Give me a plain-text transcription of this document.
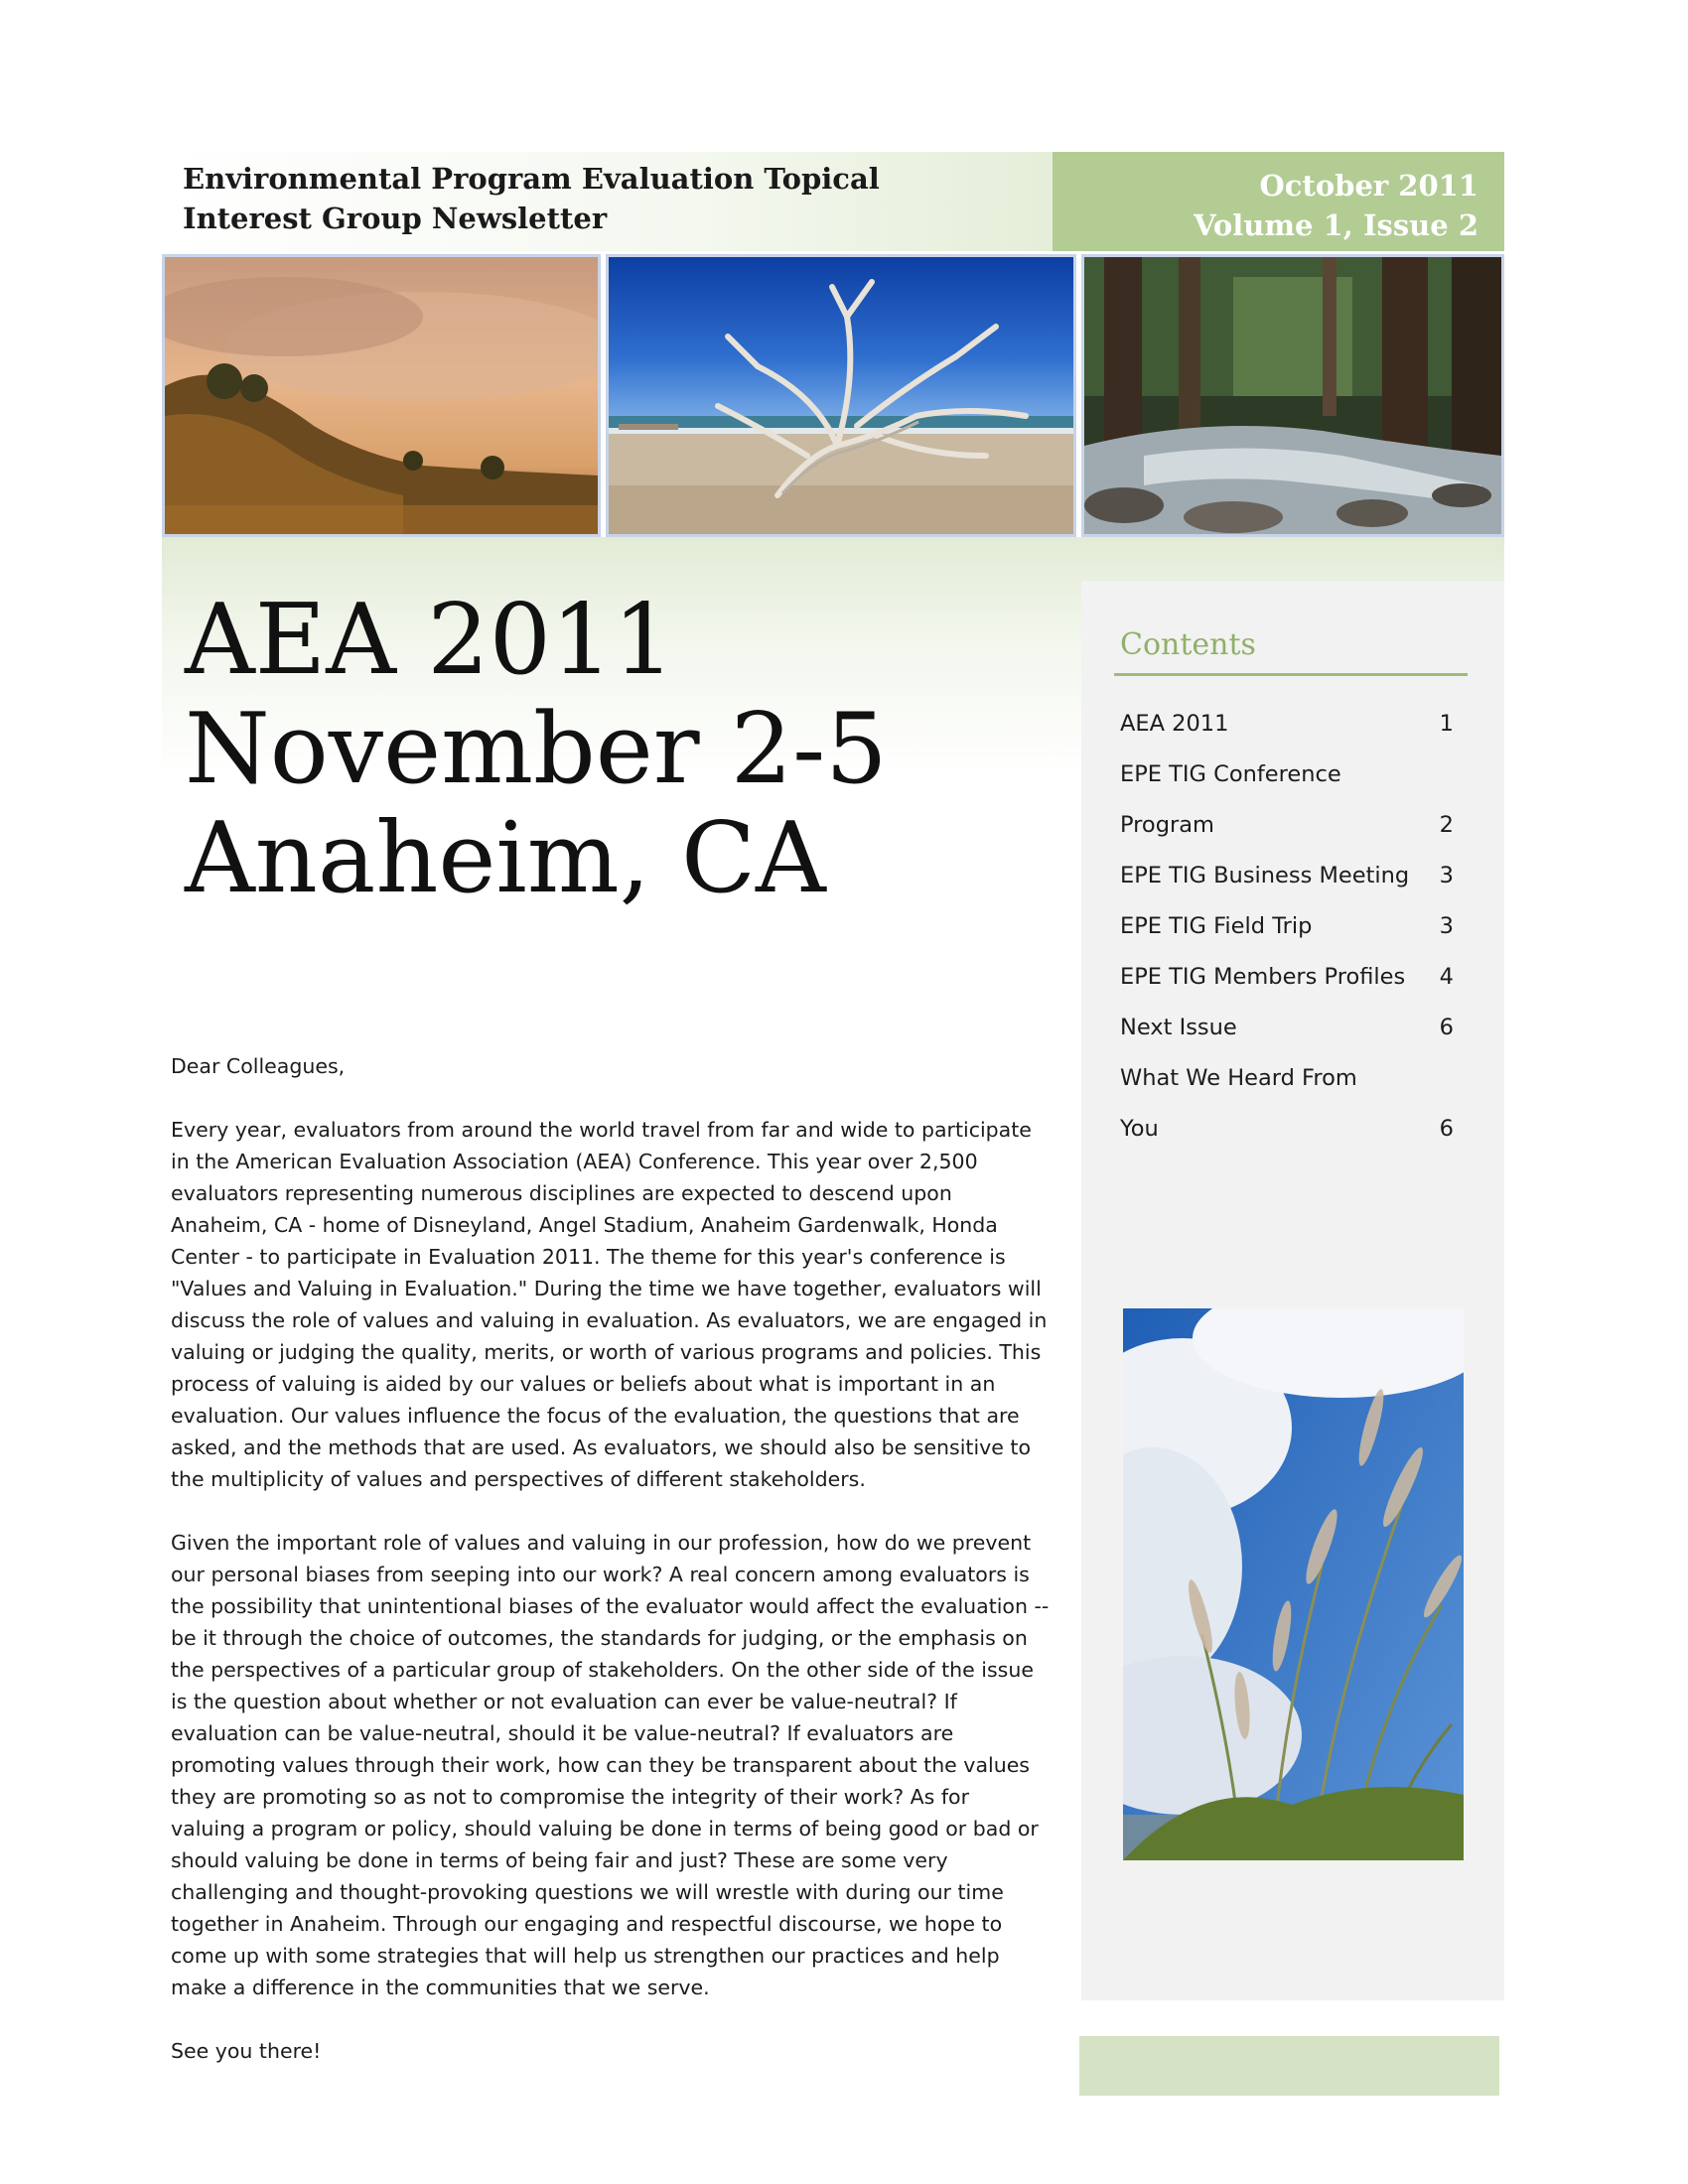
Environmental Program Evaluation Topical Interest Group Newsletter
October 2011
Volume 1, Issue 2
AEA 2011
November 2-5
Anaheim, CA

Dear Colleagues,

Every year, evaluators from around the world travel from far and wide to participate in the American Evaluation Association (AEA) Conference. This year over 2,500 evaluators representing numerous disciplines are expected to descend upon Anaheim, CA - home of Disneyland, Angel Stadium, Anaheim Gardenwalk, Honda Center - to participate in Evaluation 2011. The theme for this year's conference is "Values and Valuing in Evaluation." During the time we have together, evaluators will discuss the role of values and valuing in evaluation. As evaluators, we are engaged in valuing or judging the quality, merits, or worth of various programs and policies. This process of valuing is aided by our values or beliefs about what is important in an evaluation. Our values influence the focus of the evaluation, the questions that are asked, and the methods that are used. As evaluators, we should also be sensitive to the multiplicity of values and perspectives of different stakeholders.

Given the important role of values and valuing in our profession, how do we prevent our personal biases from seeping into our work? A real concern among evaluators is the possibility that unintentional biases of the evaluator would affect the evaluation -- be it through the choice of outcomes, the standards for judging, or the emphasis on the perspectives of a particular group of stakeholders. On the other side of the issue is the question about whether or not evaluation can ever be value-neutral? If evaluation can be value-neutral, should it be value-neutral? If evaluators are promoting values through their work, how can they be transparent about the values they are promoting so as not to compromise the integrity of their work? As for valuing a program or policy, should valuing be done in terms of being good or bad or should valuing be done in terms of being fair and just? These are some very challenging and thought-provoking questions we will wrestle with during our time together in Anaheim. Through our engaging and respectful discourse, we hope to come up with some strategies that will help us strengthen our practices and help make a difference in the communities that we serve.

See you there!

Contents
AEA 2011	1
EPE TIG Conference
Program	2
EPE TIG Business Meeting 3
EPE TIG Field Trip	3
EPE TIG Members Profiles 4
Next Issue	6
What We Heard From
You	6
